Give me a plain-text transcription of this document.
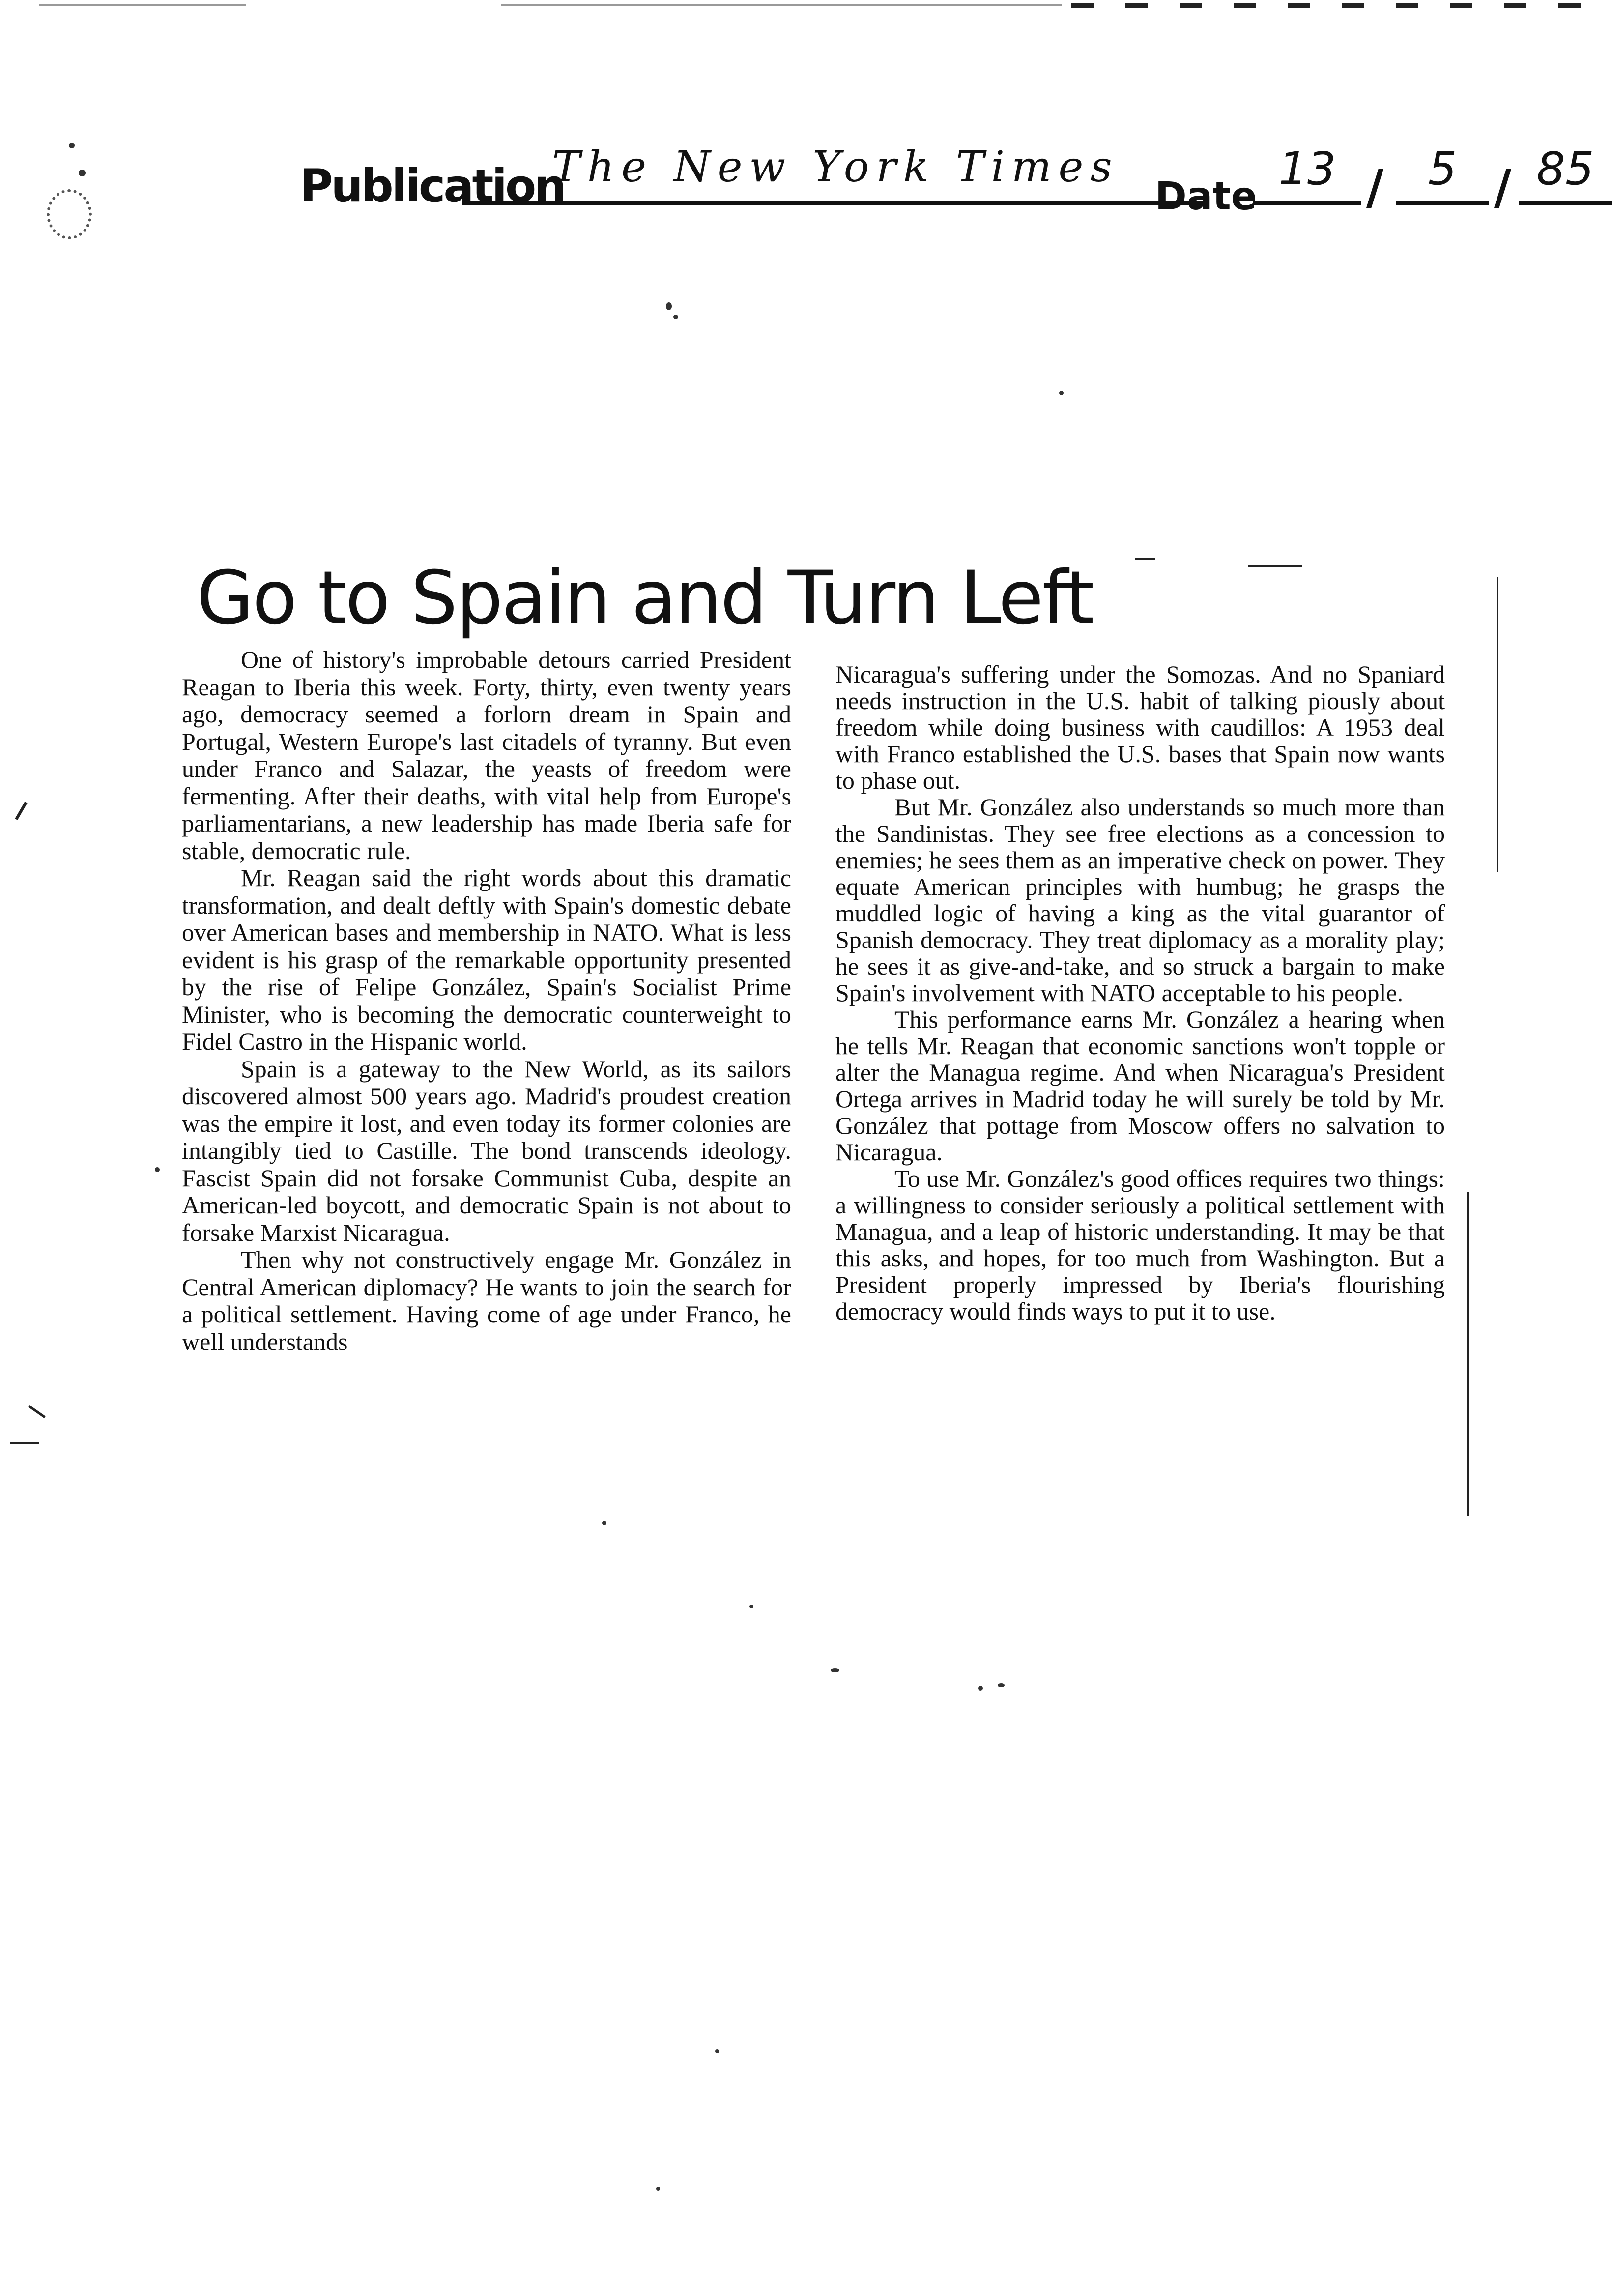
Publication
The New York Times
Date
13 / 5 / 85
Go to Spain and Turn Left

One of history's improbable detours carried President Reagan to Iberia this week. Forty, thirty, even twenty years ago, democracy seemed a forlorn dream in Spain and Portugal, Western Europe's last citadels of tyranny. But even under Franco and Salazar, the yeasts of freedom were fermenting. After their deaths, with vital help from Europe's parliamentarians, a new leadership has made Iberia safe for stable, democratic rule.

Mr. Reagan said the right words about this dramatic transformation, and dealt deftly with Spain's domestic debate over American bases and membership in NATO. What is less evident is his grasp of the remarkable opportunity presented by the rise of Felipe González, Spain's Socialist Prime Minister, who is becoming the democratic counterweight to Fidel Castro in the Hispanic world.

Spain is a gateway to the New World, as its sailors discovered almost 500 years ago. Madrid's proudest creation was the empire it lost, and even today its former colonies are intangibly tied to Castille. The bond transcends ideology. Fascist Spain did not forsake Communist Cuba, despite an American-led boycott, and democratic Spain is not about to forsake Marxist Nicaragua.

Then why not constructively engage Mr. González in Central American diplomacy? He wants to join the search for a political settlement. Having come of age under Franco, he well understands

Nicaragua's suffering under the Somozas. And no Spaniard needs instruction in the U.S. habit of talking piously about freedom while doing business with caudillos: A 1953 deal with Franco established the U.S. bases that Spain now wants to phase out.

But Mr. González also understands so much more than the Sandinistas. They see free elections as a concession to enemies; he sees them as an imperative check on power. They equate American principles with humbug; he grasps the muddled logic of having a king as the vital guarantor of Spanish democracy. They treat diplomacy as a morality play; he sees it as give-and-take, and so struck a bargain to make Spain's involvement with NATO acceptable to his people.

This performance earns Mr. González a hearing when he tells Mr. Reagan that economic sanctions won't topple or alter the Managua regime. And when Nicaragua's President Ortega arrives in Madrid today he will surely be told by Mr. González that pottage from Moscow offers no salvation to Nicaragua.

To use Mr. González's good offices requires two things: a willingness to consider seriously a political settlement with Managua, and a leap of historic understanding. It may be that this asks, and hopes, for too much from Washington. But a President properly impressed by Iberia's flourishing democracy would finds ways to put it to use.
